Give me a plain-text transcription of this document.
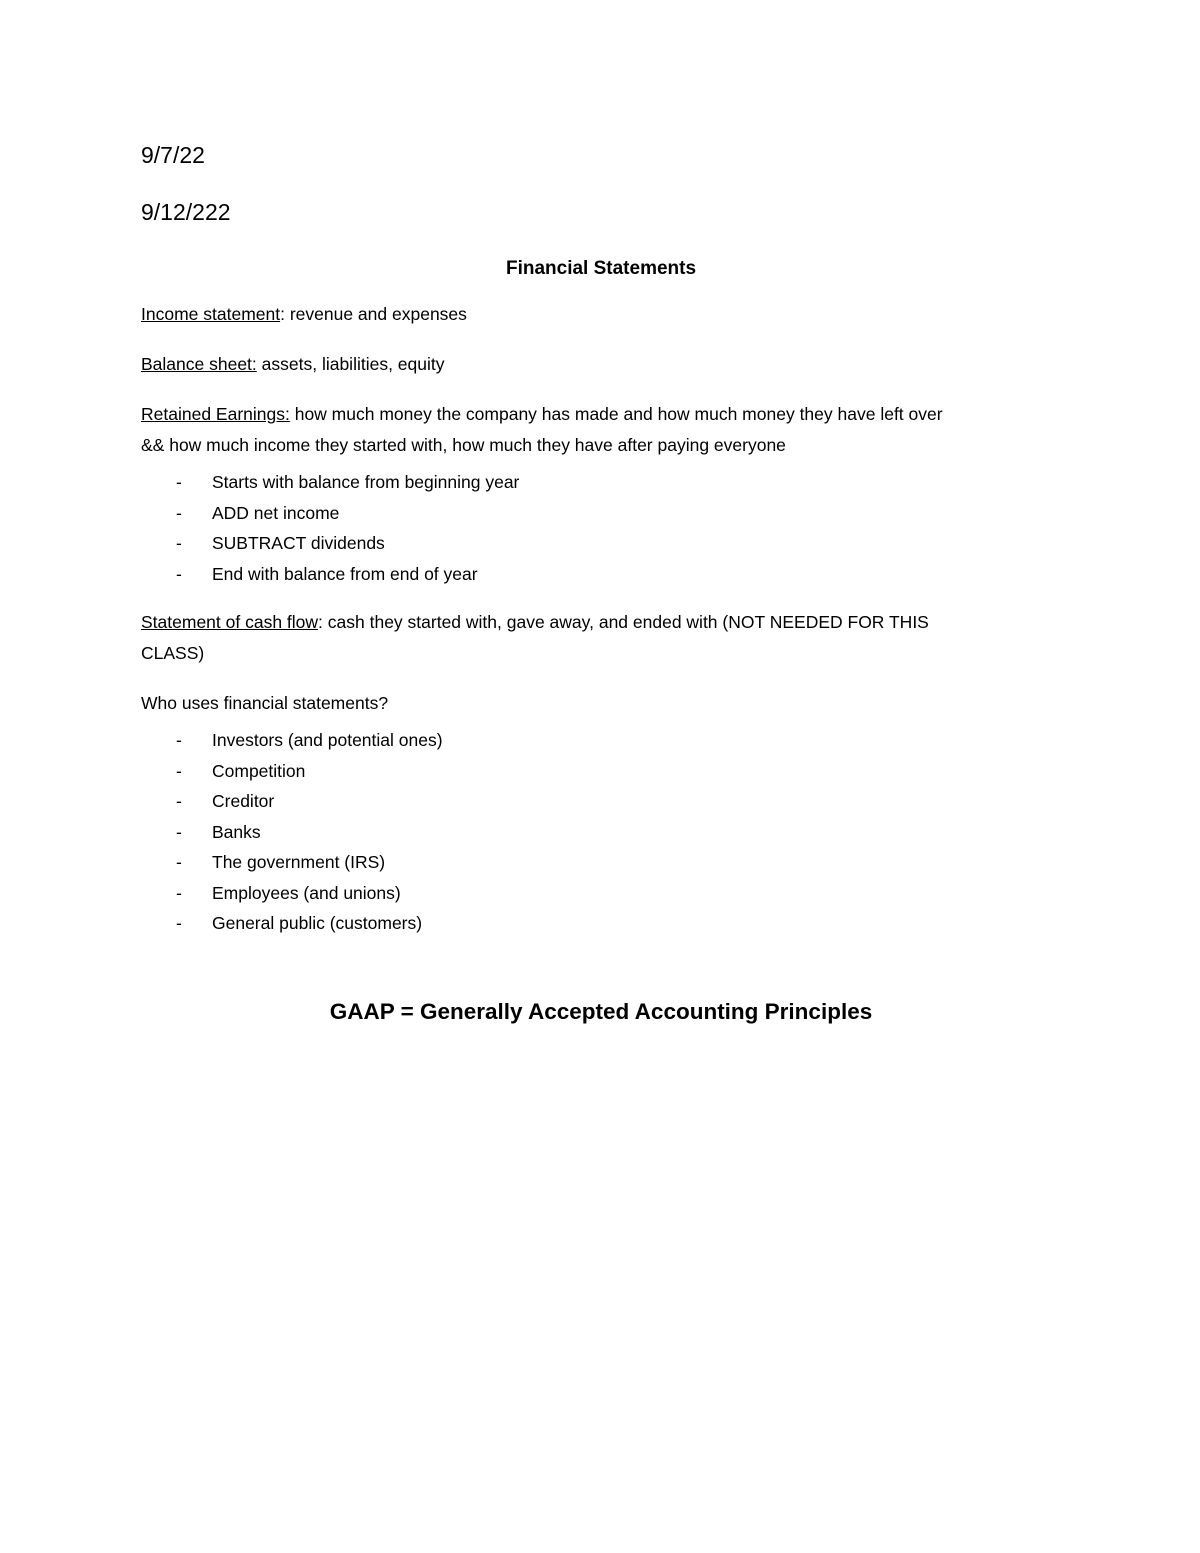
9/7/22

9/12/222

Financial Statements

Income statement: revenue and expenses

Balance sheet: assets, liabilities, equity

Retained Earnings: how much money the company has made and how much money they have left over
&& how much income they started with, how much they have after paying everyone

- Starts with balance from beginning year
- ADD net income
- SUBTRACT dividends
- End with balance from end of year

Statement of cash flow: cash they started with, gave away, and ended with (NOT NEEDED FOR THIS
CLASS)

Who uses financial statements?

- Investors (and potential ones)
- Competition
- Creditor
- Banks
- The government (IRS)
- Employees (and unions)
- General public (customers)

GAAP = Generally Accepted Accounting Principles
